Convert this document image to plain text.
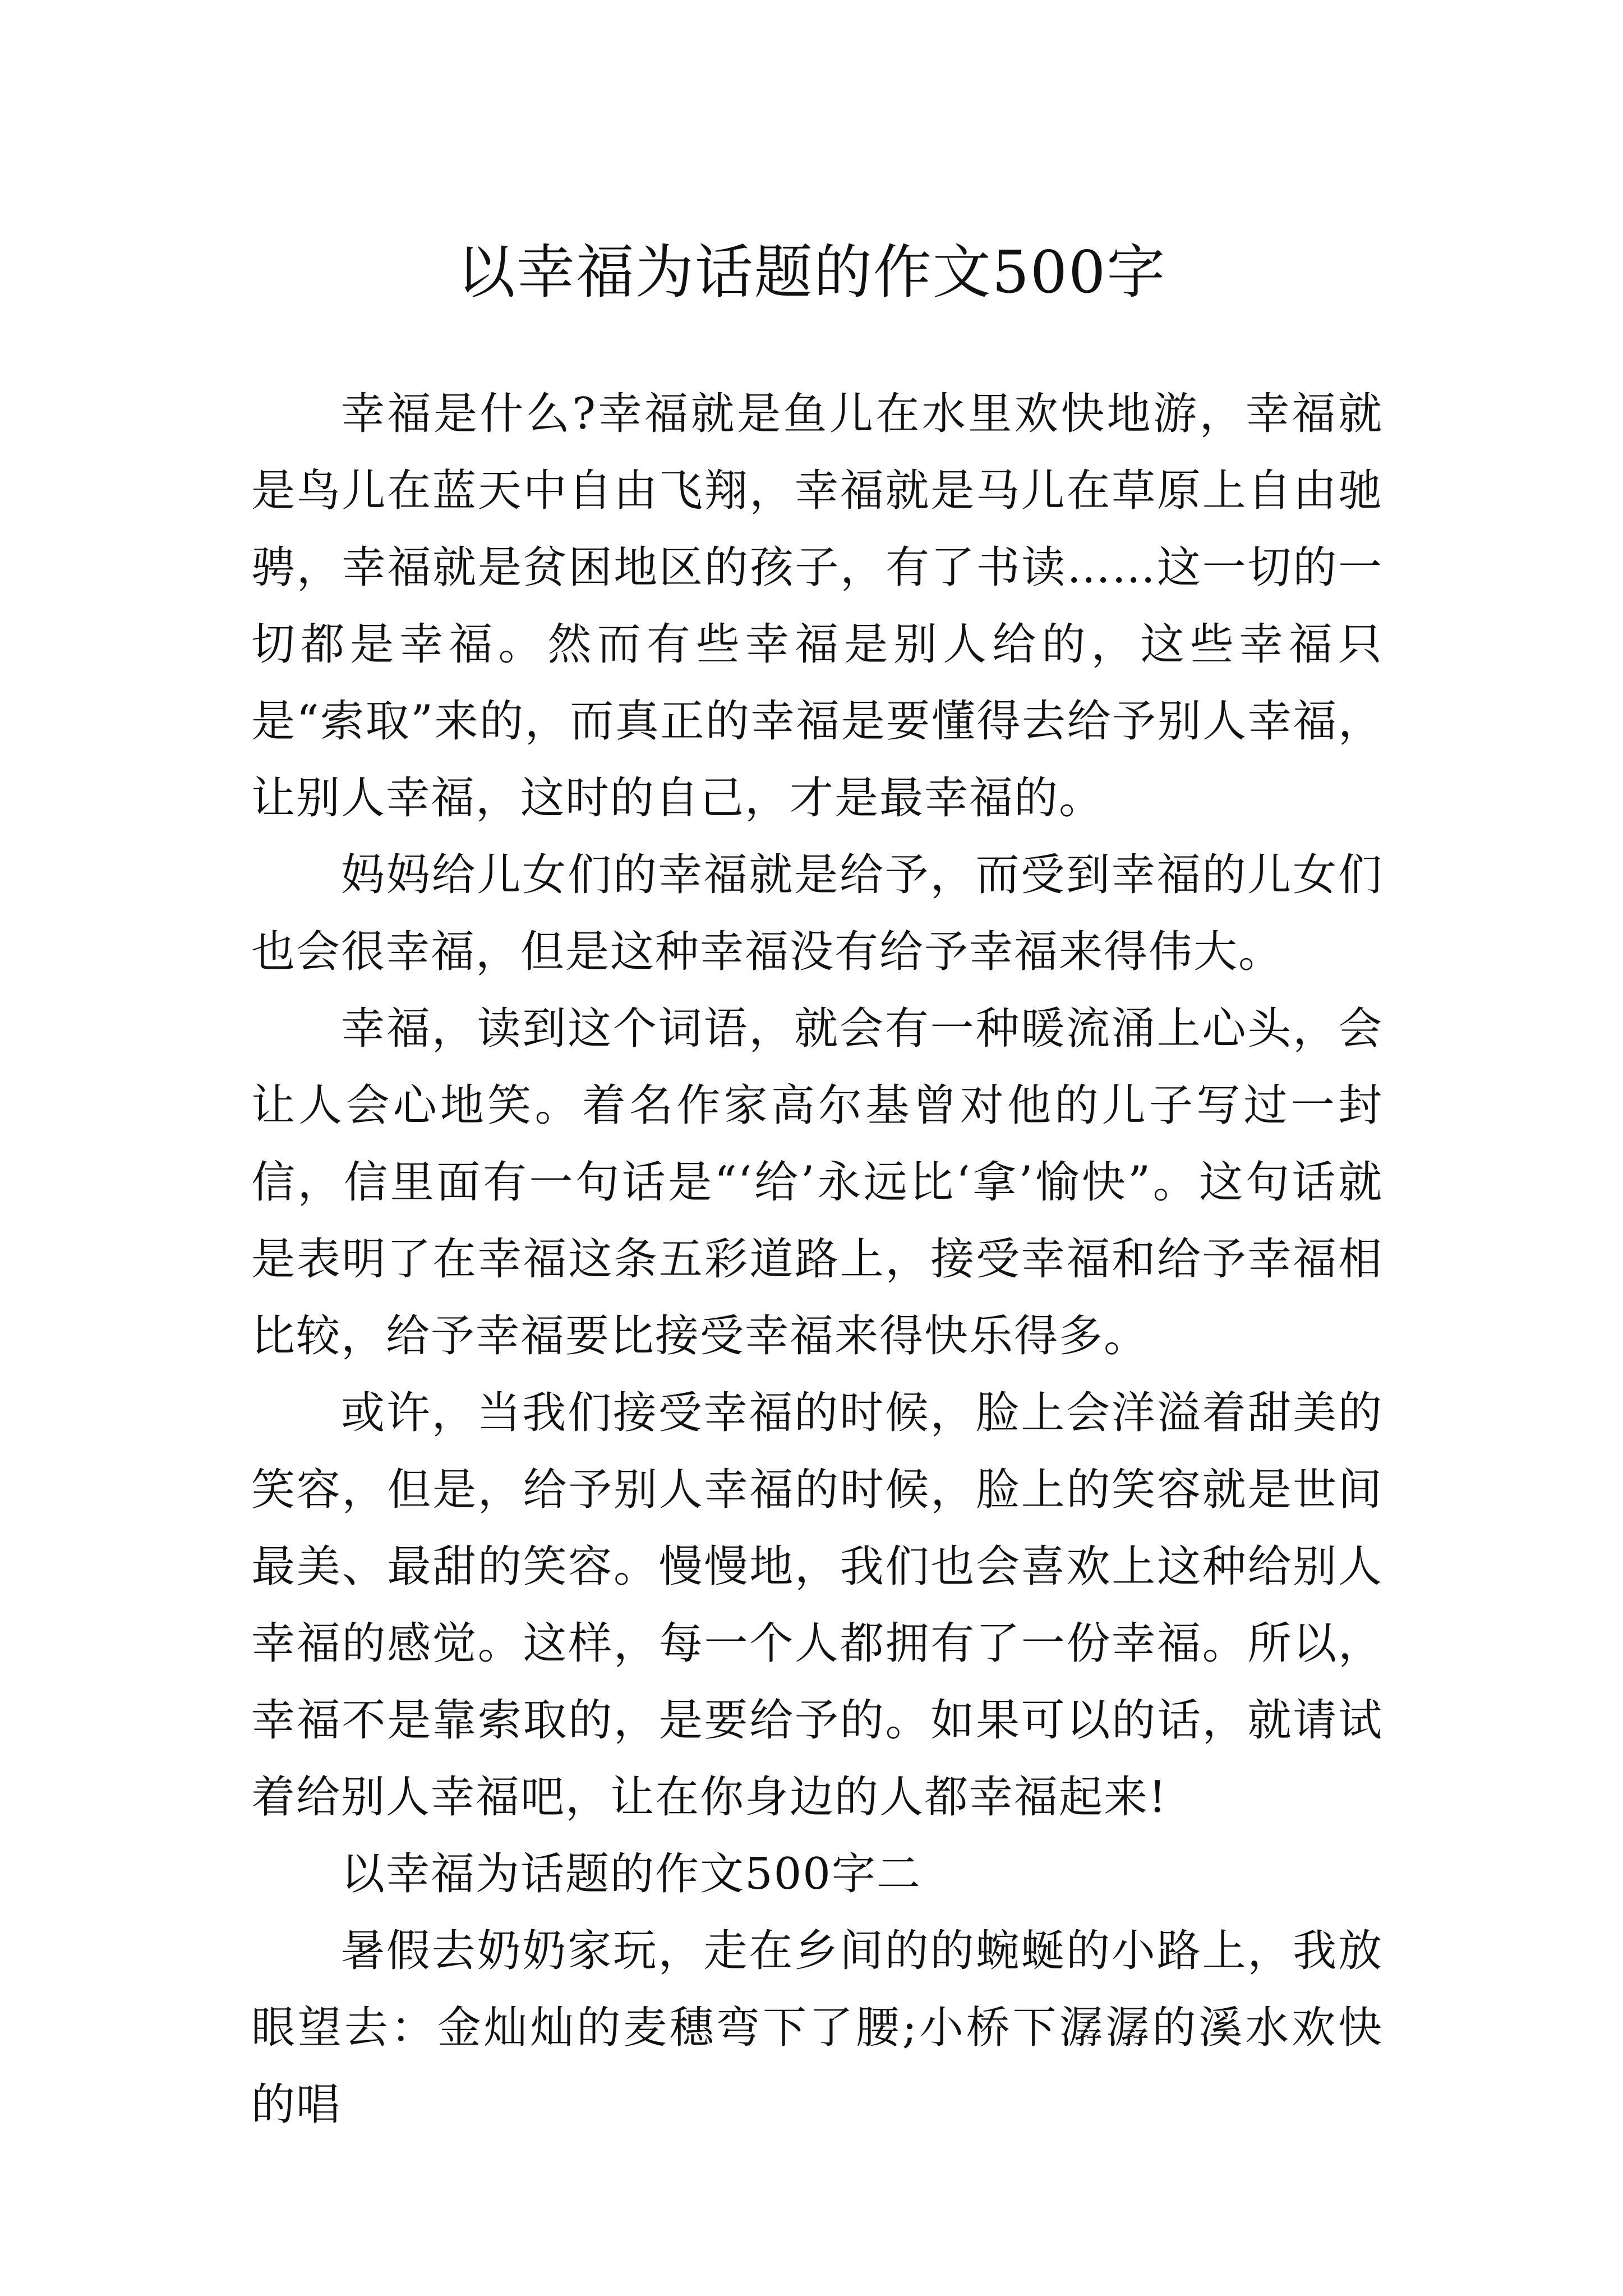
以幸福为话题的作文500字

幸福是什么?幸福就是鱼儿在水里欢快地游，幸福就是鸟儿在蓝天中自由飞翔，幸福就是马儿在草原上自由驰骋，幸福就是贫困地区的孩子，有了书读……这一切的一切都是幸福。然而有些幸福是别人给的，这些幸福只是“索取”来的，而真正的幸福是要懂得去给予别人幸福，让别人幸福，这时的自己，才是最幸福的。

妈妈给儿女们的幸福就是给予，而受到幸福的儿女们也会很幸福，但是这种幸福没有给予幸福来得伟大。

幸福，读到这个词语，就会有一种暖流涌上心头，会让人会心地笑。着名作家高尔基曾对他的儿子写过一封信，信里面有一句话是“‘给’永远比‘拿’愉快”。这句话就是表明了在幸福这条五彩道路上，接受幸福和给予幸福相比较，给予幸福要比接受幸福来得快乐得多。

或许，当我们接受幸福的时候，脸上会洋溢着甜美的笑容，但是，给予别人幸福的时候，脸上的笑容就是世间最美、最甜的笑容。慢慢地，我们也会喜欢上这种给别人幸福的感觉。这样，每一个人都拥有了一份幸福。所以，幸福不是靠索取的，是要给予的。如果可以的话，就请试着给别人幸福吧，让在你身边的人都幸福起来!

以幸福为话题的作文500字二

暑假去奶奶家玩，走在乡间的的蜿蜒的小路上，我放眼望去：金灿灿的麦穗弯下了腰;小桥下潺潺的溪水欢快的唱
